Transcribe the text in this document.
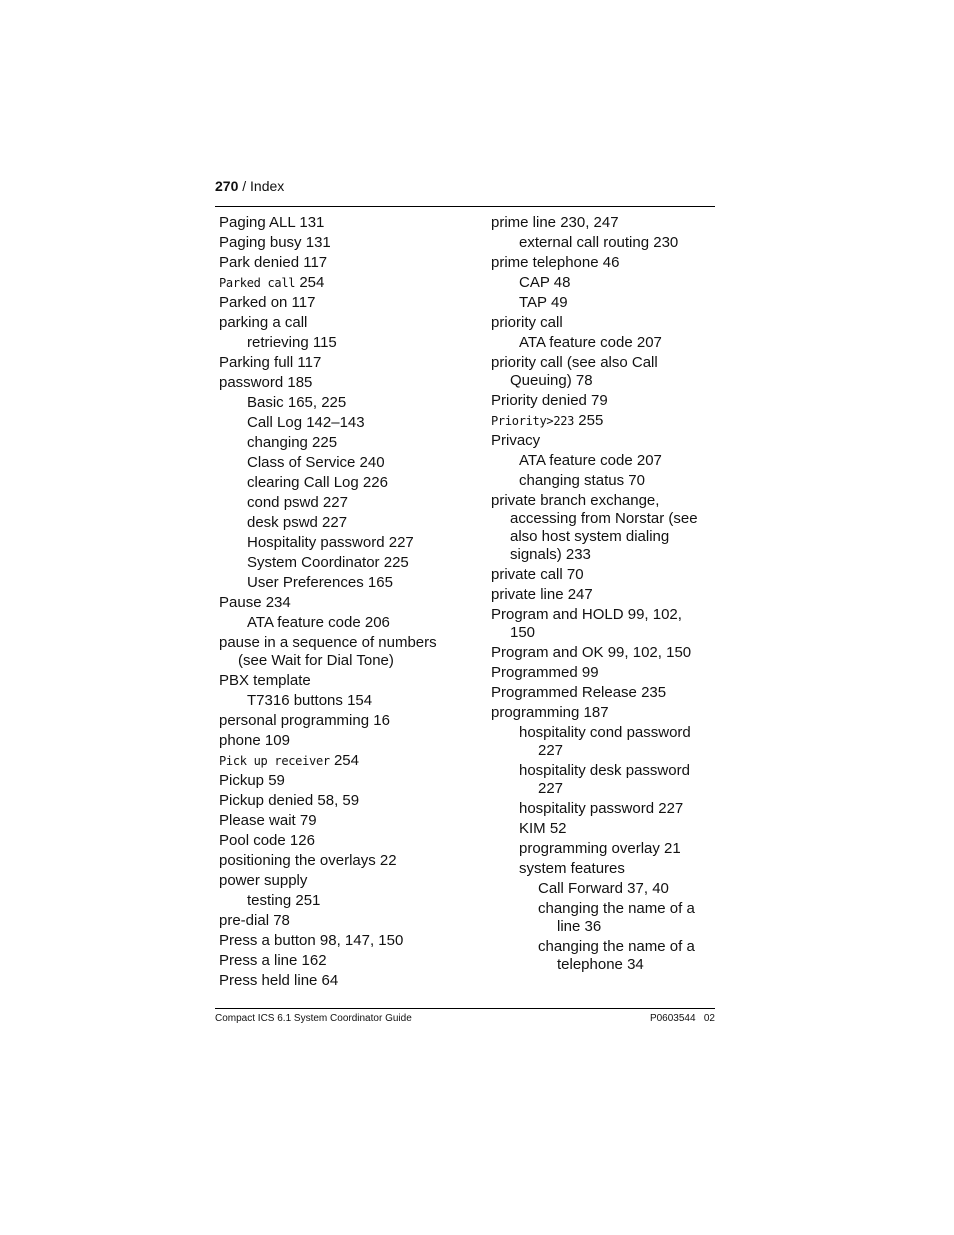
270 / Index
Paging ALL 131
Paging busy 131
Park denied 117
Parked call 254
Parked on 117
parking a call
retrieving 115
Parking full 117
password 185
Basic 165, 225
Call Log 142–143
changing 225
Class of Service 240
clearing Call Log 226
cond pswd 227
desk pswd 227
Hospitality password 227
System Coordinator 225
User Preferences 165
Pause 234
ATA feature code 206
pause in a sequence of numbers
(see Wait for Dial Tone)
PBX template
T7316 buttons 154
personal programming 16
phone 109
Pick up receiver 254
Pickup 59
Pickup denied 58, 59
Please wait 79
Pool code 126
positioning the overlays 22
power supply
testing 251
pre-dial 78
Press a button 98, 147, 150
Press a line 162
Press held line 64
prime line 230, 247
external call routing 230
prime telephone 46
CAP 48
TAP 49
priority call
ATA feature code 207
priority call (see also Call
Queuing) 78
Priority denied 79
Priority>223 255
Privacy
ATA feature code 207
changing status 70
private branch exchange,
accessing from Norstar (see
also host system dialing
signals) 233
private call 70
private line 247
Program and HOLD 99, 102,
150
Program and OK 99, 102, 150
Programmed 99
Programmed Release 235
programming 187
hospitality cond password
227
hospitality desk password
227
hospitality password 227
KIM 52
programming overlay 21
system features
Call Forward 37, 40
changing the name of a
line 36
changing the name of a
telephone 34
Compact ICS 6.1 System Coordinator Guide	P0603544   02
